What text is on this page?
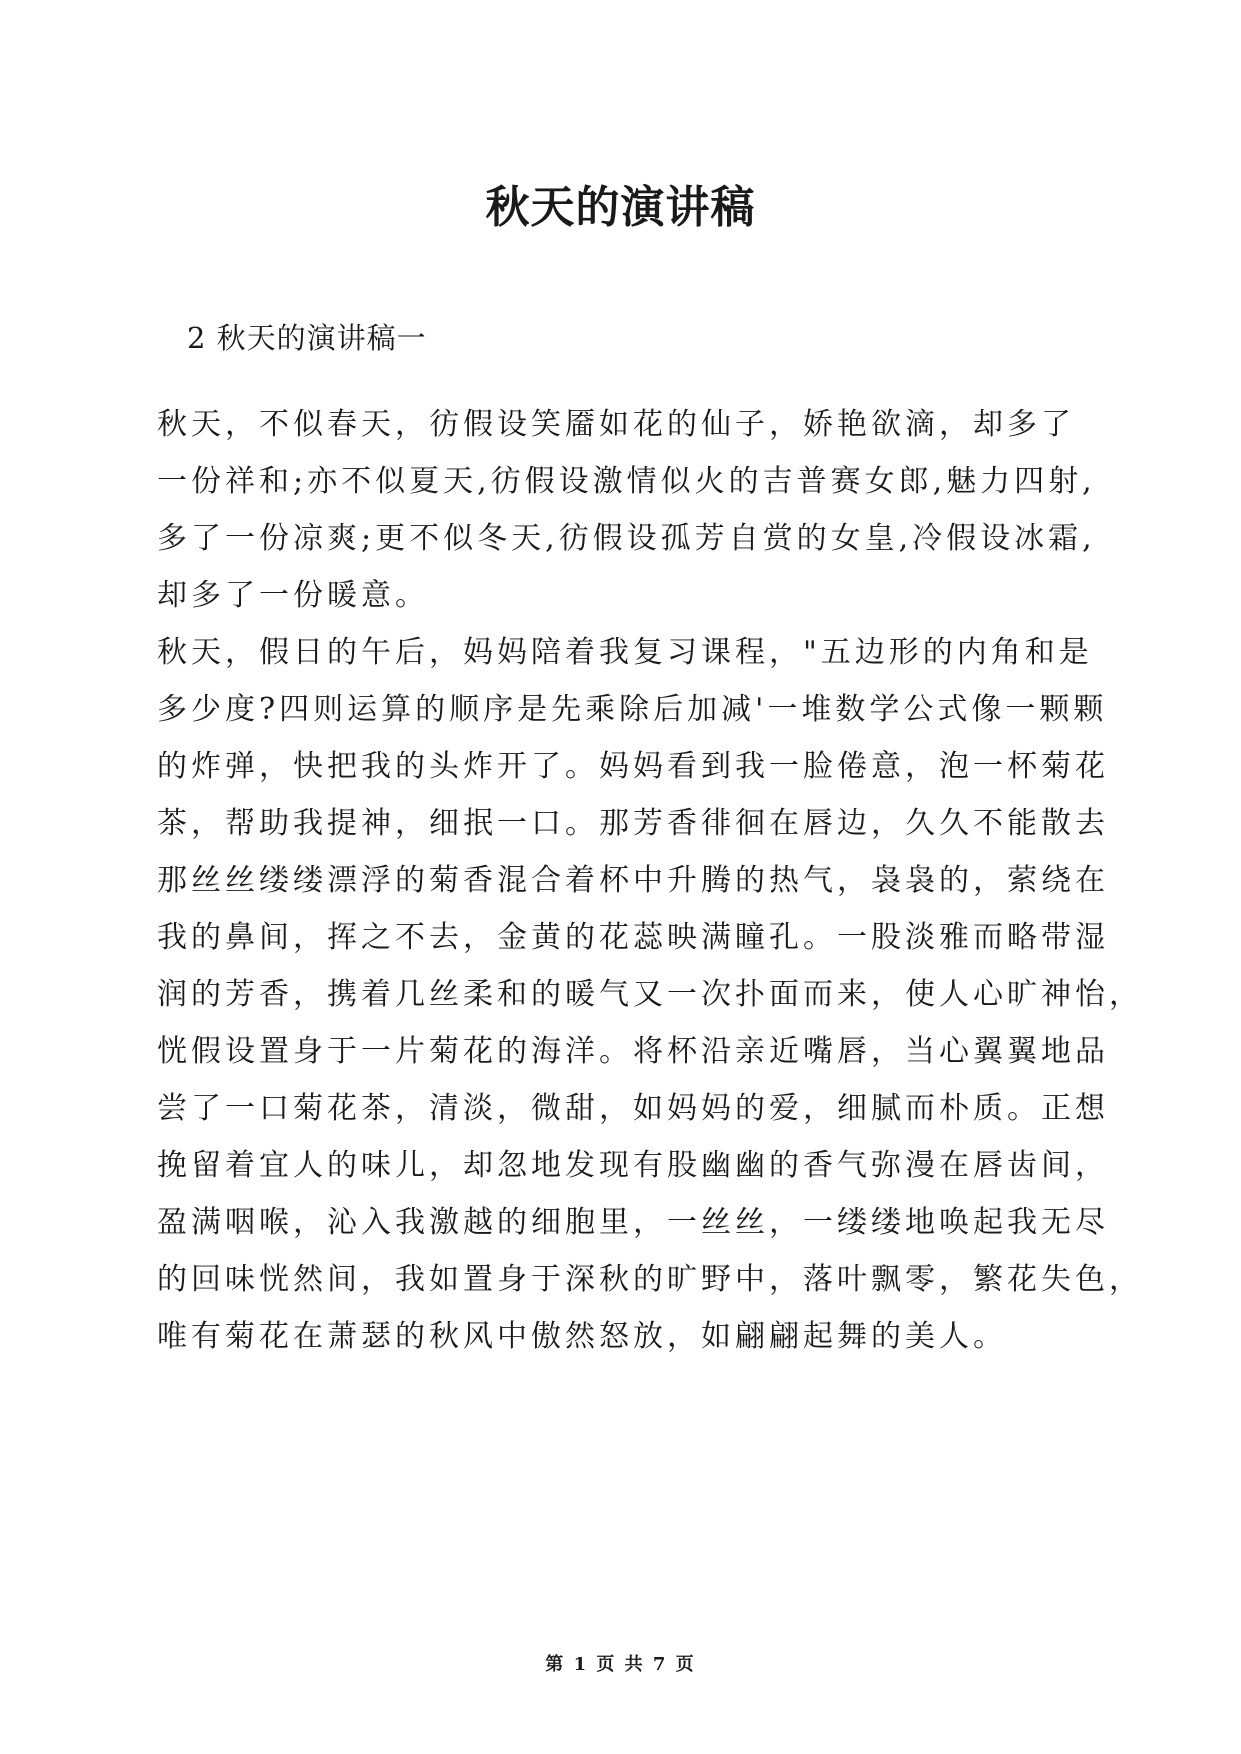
秋天的演讲稿
2 秋天的演讲稿一
秋天，不似春天，彷假设笑靥如花的仙子，娇艳欲滴，却多了
一份祥和;亦不似夏天,彷假设激情似火的吉普赛女郎,魅力四射,
多了一份凉爽;更不似冬天,彷假设孤芳自赏的女皇,冷假设冰霜,
却多了一份暖意。
秋天，假日的午后，妈妈陪着我复习课程，"五边形的内角和是
多少度?四则运算的顺序是先乘除后加减'一堆数学公式像一颗颗
的炸弹，快把我的头炸开了。妈妈看到我一脸倦意，泡一杯菊花
茶，帮助我提神，细抿一口。那芳香徘徊在唇边，久久不能散去
那丝丝缕缕漂浮的菊香混合着杯中升腾的热气，袅袅的，萦绕在
我的鼻间，挥之不去，金黄的花蕊映满瞳孔。一股淡雅而略带湿
润的芳香，携着几丝柔和的暖气又一次扑面而来，使人心旷神怡，
恍假设置身于一片菊花的海洋。将杯沿亲近嘴唇，当心翼翼地品
尝了一口菊花茶，清淡，微甜，如妈妈的爱，细腻而朴质。正想
挽留着宜人的味儿，却忽地发现有股幽幽的香气弥漫在唇齿间，
盈满咽喉，沁入我激越的细胞里，一丝丝，一缕缕地唤起我无尽
的回味恍然间，我如置身于深秋的旷野中，落叶飘零，繁花失色，
唯有菊花在萧瑟的秋风中傲然怒放，如翩翩起舞的美人。
第 1 页 共 7 页
